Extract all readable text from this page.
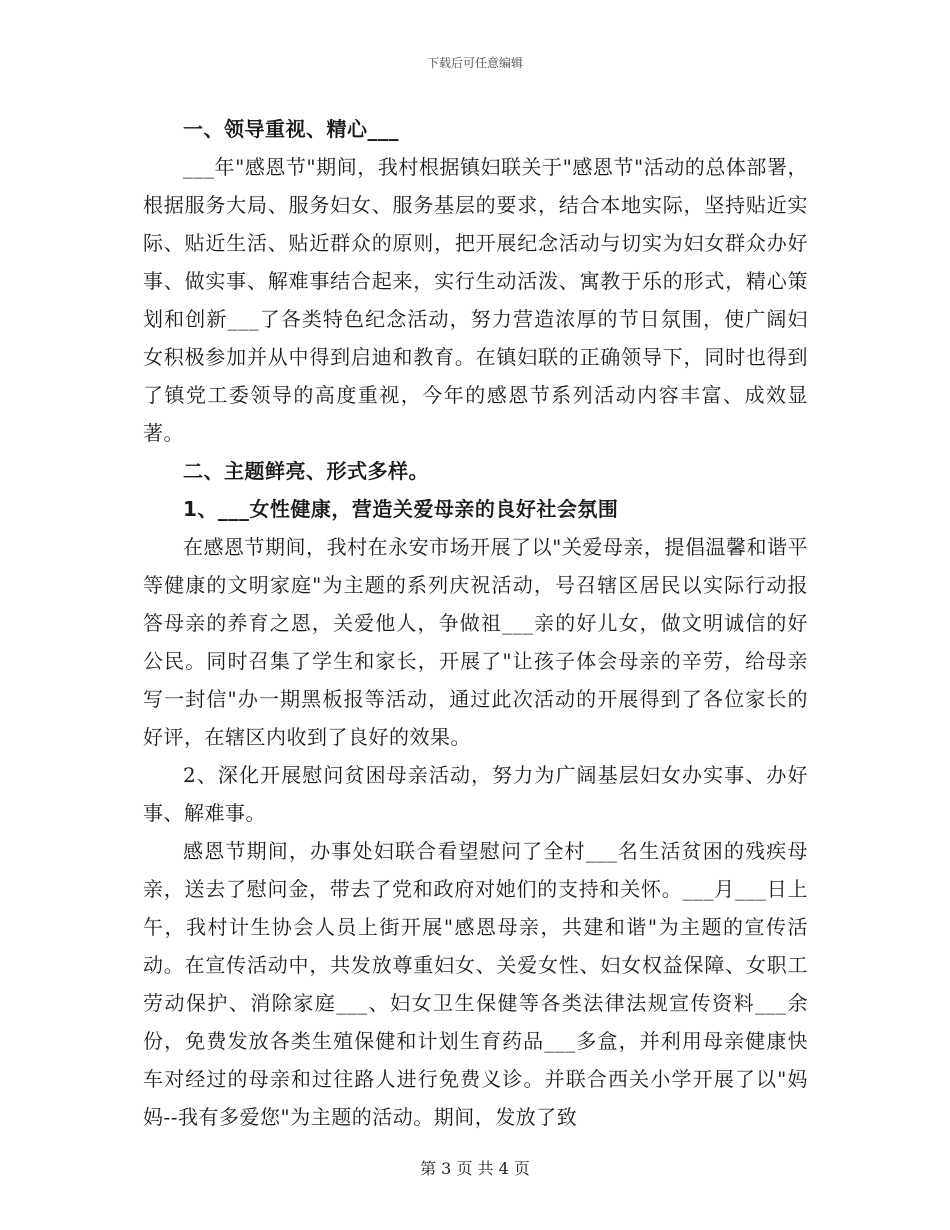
下载后可任意编辑

一、领导重视、精心___

___年"感恩节"期间，我村根据镇妇联关于"感恩节"活动的总体部署，根据服务大局、服务妇女、服务基层的要求，结合本地实际，坚持贴近实际、贴近生活、贴近群众的原则，把开展纪念活动与切实为妇女群众办好事、做实事、解难事结合起来，实行生动活泼、寓教于乐的形式，精心策划和创新___了各类特色纪念活动，努力营造浓厚的节日氛围，使广阔妇女积极参加并从中得到启迪和教育。在镇妇联的正确领导下，同时也得到了镇党工委领导的高度重视，今年的感恩节系列活动内容丰富、成效显著。

二、主题鲜亮、形式多样。

1、___女性健康，营造关爱母亲的良好社会氛围

在感恩节期间，我村在永安市场开展了以"关爱母亲，提倡温馨和谐平等健康的文明家庭"为主题的系列庆祝活动，号召辖区居民以实际行动报答母亲的养育之恩，关爱他人，争做祖___亲的好儿女，做文明诚信的好公民。同时召集了学生和家长，开展了"让孩子体会母亲的辛劳，给母亲写一封信"办一期黑板报等活动，通过此次活动的开展得到了各位家长的好评，在辖区内收到了良好的效果。

2、深化开展慰问贫困母亲活动，努力为广阔基层妇女办实事、办好事、解难事。

感恩节期间，办事处妇联合看望慰问了全村___名生活贫困的残疾母亲，送去了慰问金，带去了党和政府对她们的支持和关怀。___月___日上午，我村计生协会人员上街开展"感恩母亲，共建和谐"为主题的宣传活动。在宣传活动中，共发放尊重妇女、关爱女性、妇女权益保障、女职工劳动保护、消除家庭___、妇女卫生保健等各类法律法规宣传资料___余份，免费发放各类生殖保健和计划生育药品___多盒，并利用母亲健康快车对经过的母亲和过往路人进行免费义诊。并联合西关小学开展了以"妈妈--我有多爱您"为主题的活动。期间，发放了致

第 3 页 共 4 页
